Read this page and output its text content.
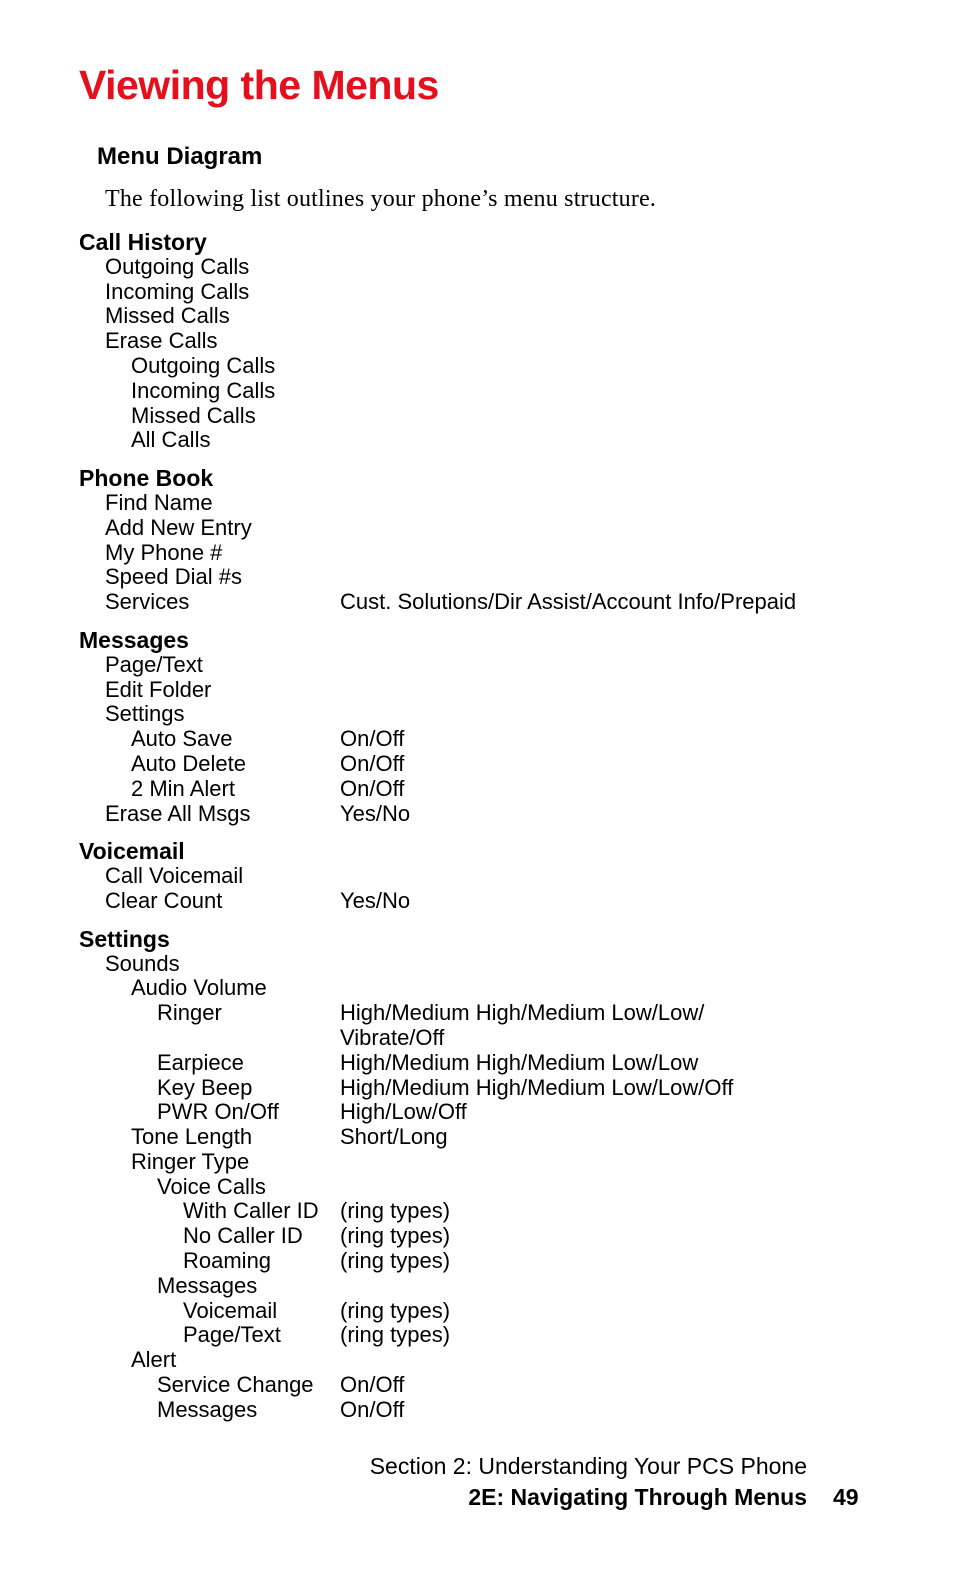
Viewing the Menus
Menu Diagram

The following list outlines your phone’s menu structure.

Call History
Outgoing Calls
Incoming Calls
Missed Calls
Erase Calls
Outgoing Calls
Incoming Calls
Missed Calls
All Calls
Phone Book
Find Name
Add New Entry
My Phone #
Speed Dial #s
Services	Cust. Solutions/Dir Assist/Account Info/Prepaid
Messages
Page/Text
Edit Folder
Settings
Auto Save	On/Off
Auto Delete	On/Off
2 Min Alert	On/Off
Erase All Msgs	Yes/No
Voicemail
Call Voicemail
Clear Count	Yes/No
Settings
Sounds
Audio Volume
Ringer	High/Medium High/Medium Low/Low/
Vibrate/Off
Earpiece	High/Medium High/Medium Low/Low
Key Beep	High/Medium High/Medium Low/Low/Off
PWR On/Off	High/Low/Off
Tone Length	Short/Long
Ringer Type
Voice Calls
With Caller ID (ring types)
No Caller ID (ring types)
Roaming	(ring types)
Messages
Voicemail	(ring types)
Page/Text	(ring types)
Alert
Service Change On/Off
Messages	On/Off
Section 2: Understanding Your PCS Phone
2E: Navigating Through Menus 49
